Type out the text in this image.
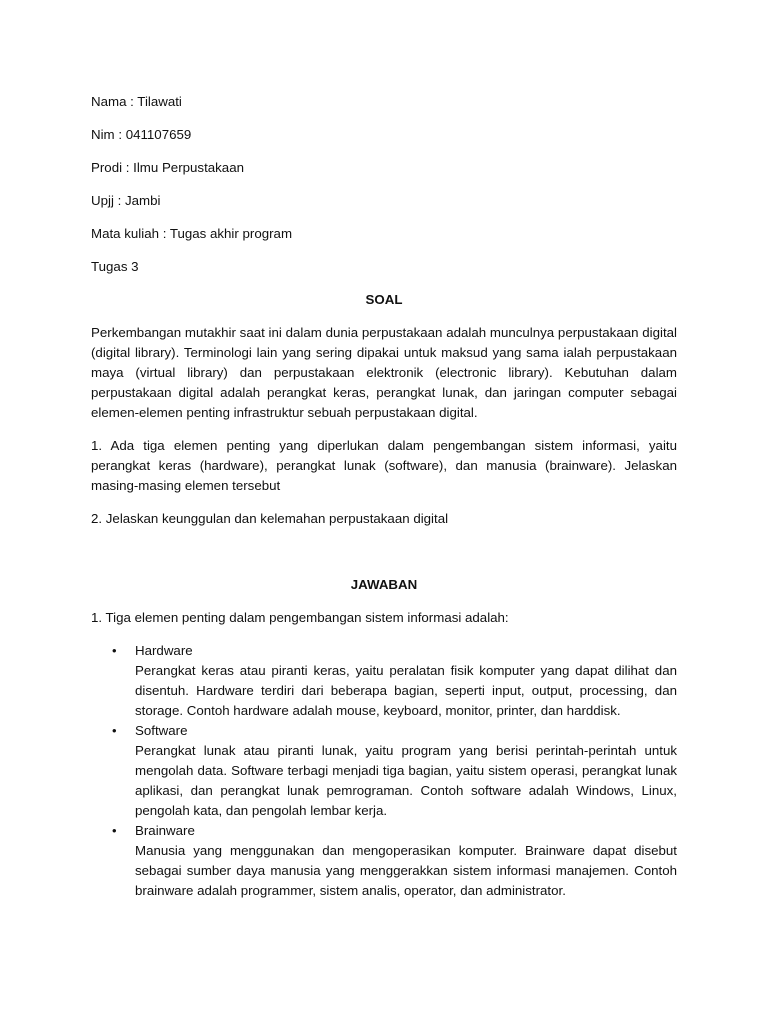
Nama : Tilawati
Nim : 041107659
Prodi : Ilmu Perpustakaan
Upjj : Jambi
Mata kuliah : Tugas akhir program
Tugas 3
SOAL

Perkembangan mutakhir saat ini dalam dunia perpustakaan adalah munculnya perpustakaan digital (digital library). Terminologi lain yang sering dipakai untuk maksud yang sama ialah perpustakaan maya (virtual library) dan perpustakaan elektronik (electronic library). Kebutuhan dalam perpustakaan digital adalah perangkat keras, perangkat lunak, dan jaringan computer sebagai elemen-elemen penting infrastruktur sebuah perpustakaan digital.

1. Ada tiga elemen penting yang diperlukan dalam pengembangan sistem informasi, yaitu perangkat keras (hardware), perangkat lunak (software), dan manusia (brainware). Jelaskan masing-masing elemen tersebut

2. Jelaskan keunggulan dan kelemahan perpustakaan digital

JAWABAN

1. Tiga elemen penting dalam pengembangan sistem informasi adalah:

• Hardware
Perangkat keras atau piranti keras, yaitu peralatan fisik komputer yang dapat dilihat dan disentuh. Hardware terdiri dari beberapa bagian, seperti input, output, processing, dan storage. Contoh hardware adalah mouse, keyboard, monitor, printer, dan harddisk.
• Software
Perangkat lunak atau piranti lunak, yaitu program yang berisi perintah-perintah untuk mengolah data. Software terbagi menjadi tiga bagian, yaitu sistem operasi, perangkat lunak aplikasi, dan perangkat lunak pemrograman. Contoh software adalah Windows, Linux, pengolah kata, dan pengolah lembar kerja.
• Brainware
Manusia yang menggunakan dan mengoperasikan komputer. Brainware dapat disebut sebagai sumber daya manusia yang menggerakkan sistem informasi manajemen. Contoh brainware adalah programmer, sistem analis, operator, dan administrator.
